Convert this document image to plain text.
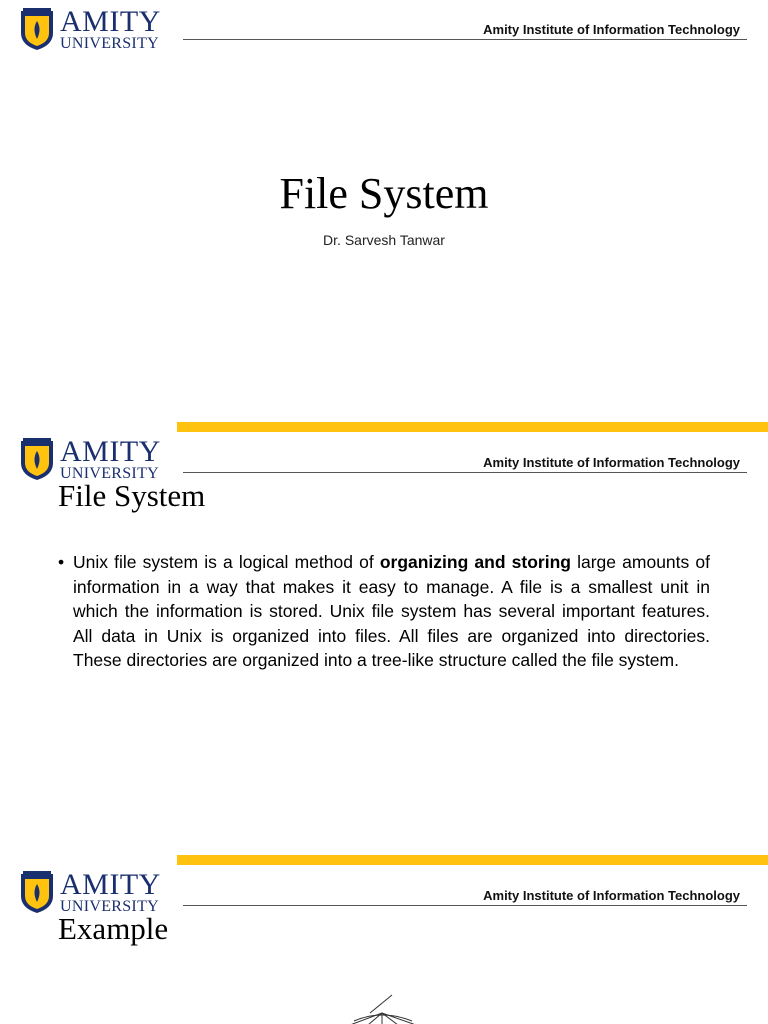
AMITY
UNIVERSITY
Amity Institute of Information Technology
File System
Dr. Sarvesh Tanwar
AMITY
UNIVERSITY
Amity Institute of Information Technology
File System
• Unix file system is a logical method of organizing and storing large amounts of information in a way that makes it easy to manage. A file is a smallest unit in which the information is stored. Unix file system has several important features. All data in Unix is organized into files. All files are organized into directories. These directories are organized into a tree-like structure called the file system.
AMITY
UNIVERSITY
Amity Institute of Information Technology
Example
